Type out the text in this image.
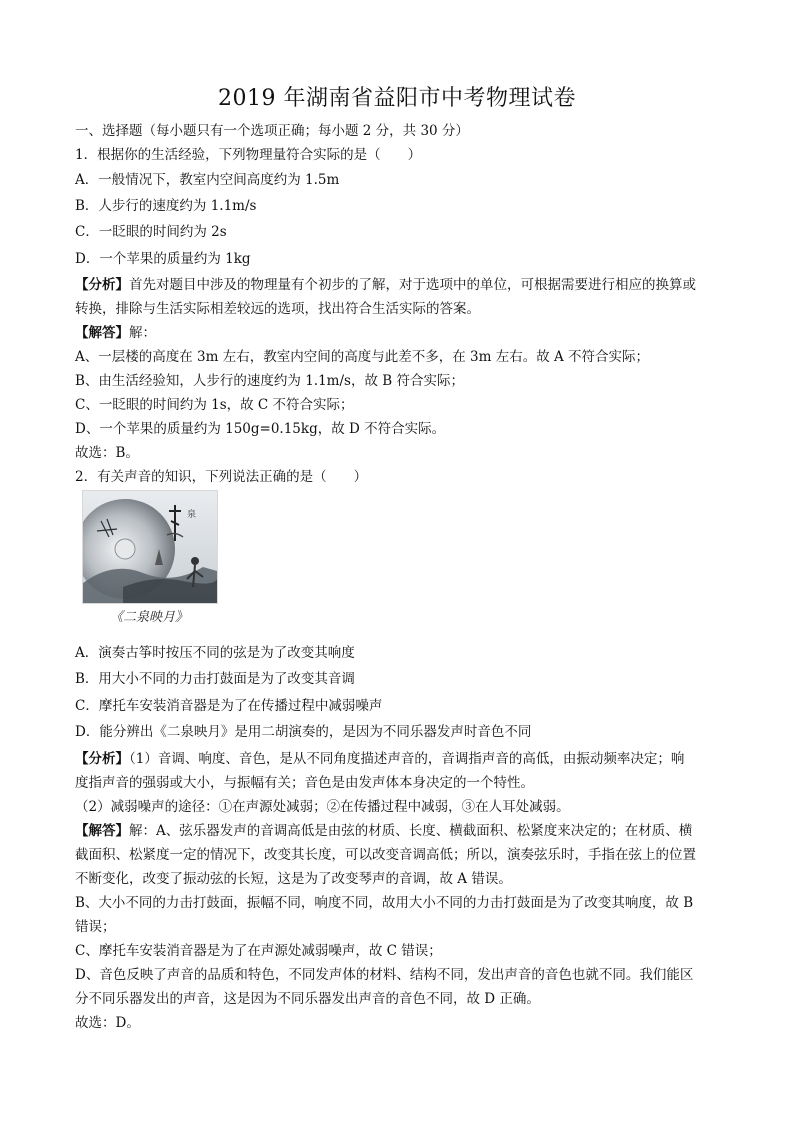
2019 年湖南省益阳市中考物理试卷
一、选择题（每小题只有一个选项正确；每小题 2 分，共 30 分）
1．根据你的生活经验，下列物理量符合实际的是（　　）
A．一般情况下，教室内空间高度约为 1.5m
B．人步行的速度约为 1.1m/s
C．一眨眼的时间约为 2s
D．一个苹果的质量约为 1kg
【分析】首先对题目中涉及的物理量有个初步的了解，对于选项中的单位，可根据需要进行相应的换算或
转换，排除与生活实际相差较远的选项，找出符合生活实际的答案。
【解答】解：
A、一层楼的高度在 3m 左右，教室内空间的高度与此差不多，在 3m 左右。故 A 不符合实际；
B、由生活经验知，人步行的速度约为 1.1m/s，故 B 符合实际；
C、一眨眼的时间约为 1s，故 C 不符合实际；
D、一个苹果的质量约为 150g=0.15kg，故 D 不符合实际。
故选：B。
2．有关声音的知识，下列说法正确的是（　　）
泉
《二泉映月》
A．演奏古筝时按压不同的弦是为了改变其响度
B．用大小不同的力击打鼓面是为了改变其音调
C．摩托车安装消音器是为了在传播过程中减弱噪声
D．能分辨出《二泉映月》是用二胡演奏的，是因为不同乐器发声时音色不同
【分析】（1）音调、响度、音色，是从不同角度描述声音的，音调指声音的高低，由振动频率决定；响
度指声音的强弱或大小，与振幅有关；音色是由发声体本身决定的一个特性。
（2）减弱噪声的途径：①在声源处减弱；②在传播过程中减弱，③在人耳处减弱。
【解答】解：A、弦乐器发声的音调高低是由弦的材质、长度、横截面积、松紧度来决定的；在材质、横
截面积、松紧度一定的情况下，改变其长度，可以改变音调高低；所以，演奏弦乐时，手指在弦上的位置
不断变化，改变了振动弦的长短，这是为了改变琴声的音调，故 A 错误。
B、大小不同的力击打鼓面，振幅不同，响度不同，故用大小不同的力击打鼓面是为了改变其响度，故 B
错误；
C、摩托车安装消音器是为了在声源处减弱噪声，故 C 错误；
D、音色反映了声音的品质和特色，不同发声体的材料、结构不同，发出声音的音色也就不同。我们能区
分不同乐器发出的声音，这是因为不同乐器发出声音的音色不同，故 D 正确。
故选：D。
